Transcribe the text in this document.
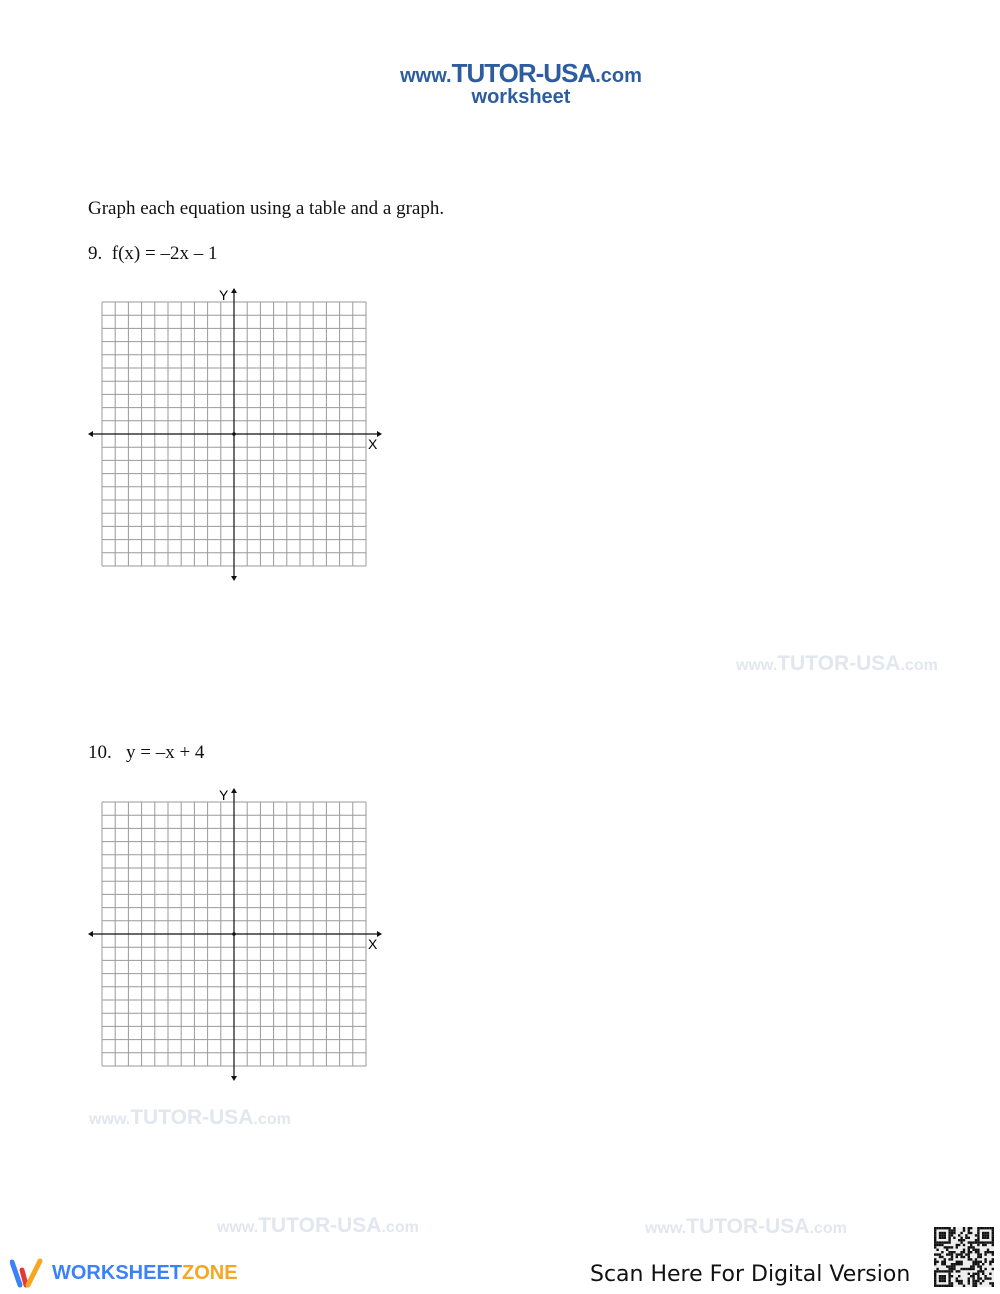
www.TUTOR-USA.com
worksheet
Graph each equation using a table and a graph.
9. f(x) = –2x – 1
X
Y
www.TUTOR-USA.com
10. y = –x + 4
X
Y
www.TUTOR-USA.com
www.TUTOR-USA.com	www.TUTOR-USA.com
WORKSHEET ZONE	Scan Here For Digital Version
